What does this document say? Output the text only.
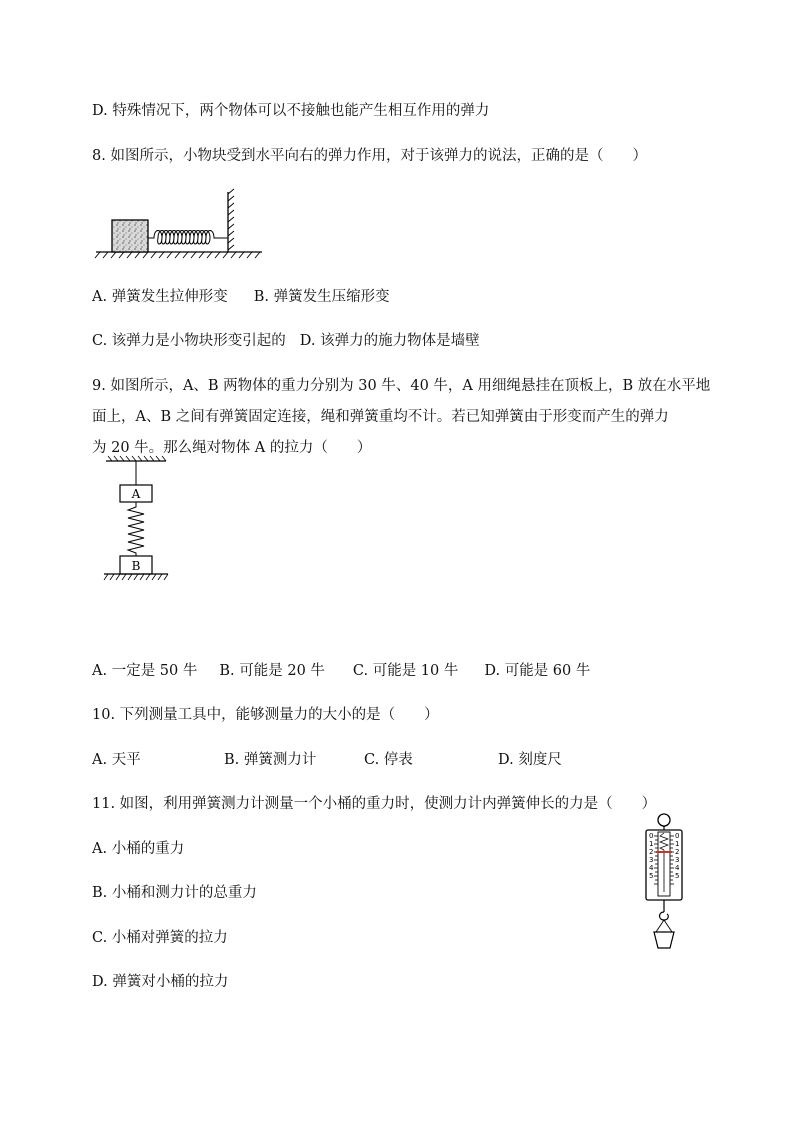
D. 特殊情况下，两个物体可以不接触也能产生相互作用的弹力
8. 如图所示，小物块受到水平向右的弹力作用，对于该弹力的说法，正确的是（　　）
A. 弹簧发生拉伸形变 B. 弹簧发生压缩形变
C. 该弹力是小物块形变引起的 D. 该弹力的施力物体是墙壁
9. 如图所示，A、B 两物体的重力分别为 30 牛、40 牛，A 用细绳悬挂在顶板上，B 放在水平地
面上，A、B 之间有弹簧固定连接，绳和弹簧重均不计。若已知弹簧由于形变而产生的弹力
为 20 牛。那么绳对物体 A 的拉力（　　）
A
B
A. 一定是 50 牛 B. 可能是 20 牛 C. 可能是 10 牛 D. 可能是 60 牛
10. 下列测量工具中，能够测量力的大小的是（　　）
A. 天平	B. 弹簧测力计	C. 停表	D. 刻度尺
11. 如图，利用弹簧测力计测量一个小桶的重力时，使测力计内弹簧伸长的力是（　　）
A. 小桶的重力
B. 小桶和测力计的总重力
C. 小桶对弹簧的拉力
D. 弹簧对小桶的拉力
0
1
2
3
4
5
0
1
2
3
4
5
